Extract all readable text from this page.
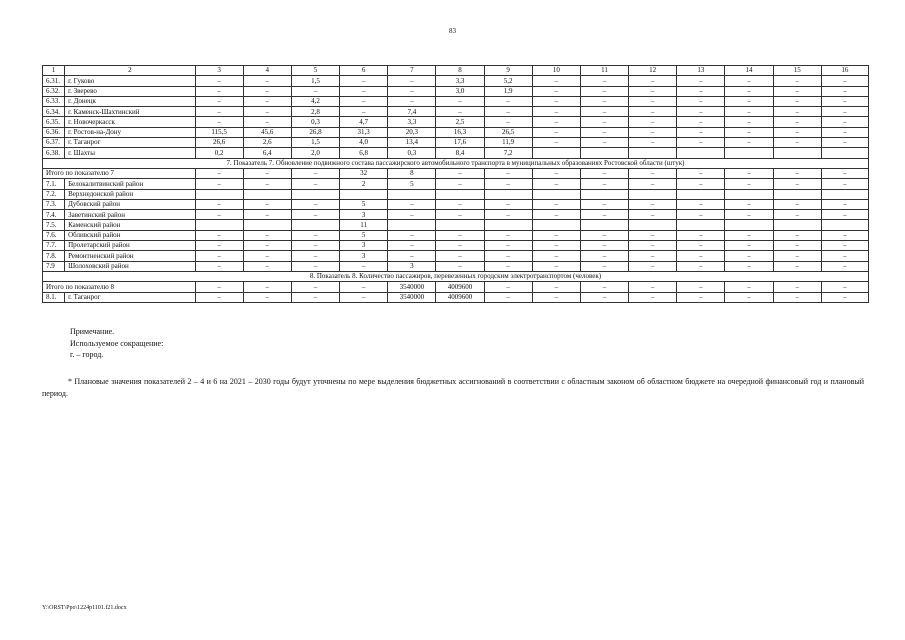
83
1	2	3	4	5	6	7	8	9	10	11	12	13	14	15	16
6.31.	г. Гуково	–	–	1,5	–	–	3,3	5,2	–	–	–	–	–	–	–
6.32.	г. Зверево	–	–	–	–	–	3,0	1,9	–	–	–	–	–	–	–
6.33.	г. Донецк	–	–	4,2	–	–	–	–	–	–	–	–	–	–	–
6.34.	г. Каменск-Шахтинский	–	–	2,8	–	7,4	–	–	–	–	–	–	–	–	–
6.35.	г. Новочеркасск	–	–	0,3	4,7	3,3	2,5	–	–	–	–	–	–	–	–
6.36.	г. Ростов-на-Дону	115,5	45,6	26,8	31,3	20,3	16,3	26,5	–	–	–	–	–	–	–
6.37.	г. Таганрог	26,6	2,6	1,5	4,0	13,4	17,6	11,9	–	–	–	–	–	–	–
6.38.	г. Шахты	0,2	6,4	2,0	6,8	0,3	8,4	7,2							
7. Показатель 7. Обновление подвижного состава пассажирского автомобильного транспорта в муниципальных образованиях Ростовской области (штук)															
Итого по показателю 7		–	–	–	32	8	–	–	–	–	–	–	–	–	–
7.1.	Белокалитвинский район	–	–	–	2	5	–	–	–	–	–	–	–	–	–
7.2.	Верхнедонской район														
7.3.	Дубовский район	–	–	–	5	–	–	–	–	–	–	–	–	–	–
7.4.	Заветинский район	–	–	–	3	–	–	–	–	–	–	–	–	–	–
7.5.	Каменский район				11										
7.6.	Обливский район	–	–	–	5	–	–	–	–	–	–	–	–	–	–
7.7.	Пролетарский район	–	–	–	3	–	–	–	–	–	–	–	–	–	–
7.8.	Ремонтненский район	–	–	–	3	–	–	–	–	–	–	–	–	–	–
7.9	Шолоховский район	–	–	–	–	3	–	–	–	–	–	–	–	–	–
8. Показатель 8. Количество пассажиров, перевезенных городским электротранспортом (человек)															
Итого по показателю 8		–	–	–	–	3540000	4009600	–	–	–	–	–	–	–	–
8.1.	г. Таганрог	–	–	–	–	3540000	4009600	–	–	–	–	–	–	–	–
Примечание.
Используемое сокращение:
г. – город.
* Плановые значения показателей 2 – 4 и 6 на 2021 – 2030 годы будут уточнены по мере выделения бюджетных ассигнований в соответствии с областным законом об областном бюджете на очередной финансовый год и плановый период.
Y:\ORST\Ppo\1224p1101.f21.docx
